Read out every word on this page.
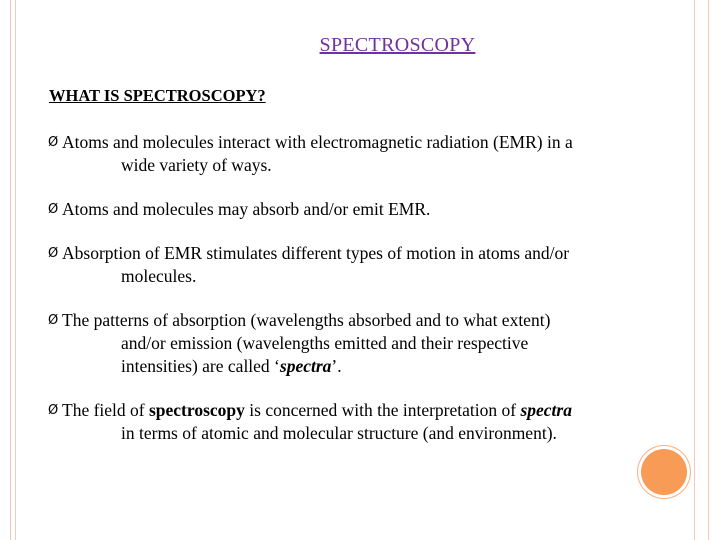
SPECTROSCOPY
WHAT IS SPECTROSCOPY?
Ø Atoms and molecules interact with electromagnetic radiation (EMR) in a
wide variety of ways.
Ø Atoms and molecules may absorb and/or emit EMR.
Ø Absorption of EMR stimulates different types of motion in atoms and/or
molecules.
Ø The patterns of absorption (wavelengths absorbed and to what extent)
and/or emission (wavelengths emitted and their respective
intensities) are called ‘spectra’.
Ø The field of spectroscopy is concerned with the interpretation of spectra
in terms of atomic and molecular structure (and environment).
